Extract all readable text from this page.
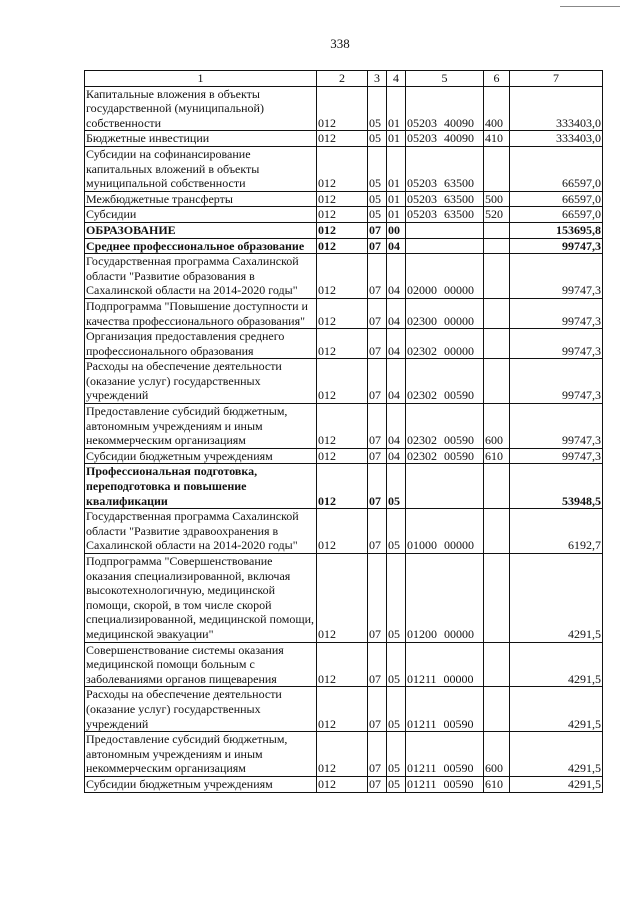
338
1	2	3	4	5	6	7
Капитальные вложения в объекты государственной (муниципальной) собственности	012	05	01	05203 40090	400	333403,0
Бюджетные инвестиции	012	05	01	05203 40090	410	333403,0
Субсидии на софинансирование капитальных вложений в объекты муниципальной собственности	012	05	01	05203 63500		66597,0
Межбюджетные трансферты	012	05	01	05203 63500	500	66597,0
Субсидии	012	05	01	05203 63500	520	66597,0
ОБРАЗОВАНИЕ	012	07	00			153695,8
Среднее профессиональное образование	012	07	04			99747,3
Государственная программа Сахалинской области "Развитие образования в Сахалинской области на 2014-2020 годы"	012	07	04	02000 00000		99747,3
Подпрограмма "Повышение доступности и качества профессионального образования"	012	07	04	02300 00000		99747,3
Организация предоставления среднего профессионального образования	012	07	04	02302 00000		99747,3
Расходы на обеспечение деятельности (оказание услуг) государственных учреждений	012	07	04	02302 00590		99747,3
Предоставление субсидий бюджетным, автономным учреждениям и иным некоммерческим организациям	012	07	04	02302 00590	600	99747,3
Субсидии бюджетным учреждениям	012	07	04	02302 00590	610	99747,3
Профессиональная подготовка, переподготовка и повышение квалификации	012	07	05			53948,5
Государственная программа Сахалинской области "Развитие здравоохранения в Сахалинской области на 2014-2020 годы"	012	07	05	01000 00000		6192,7
Подпрограмма "Совершенствование оказания специализированной, включая высокотехнологичную, медицинской помощи, скорой, в том числе скорой специализированной, медицинской помощи, медицинской эвакуации"	012	07	05	01200 00000		4291,5
Совершенствование системы оказания медицинской помощи больным с заболеваниями органов пищеварения	012	07	05	01211 00000		4291,5
Расходы на обеспечение деятельности (оказание услуг) государственных учреждений	012	07	05	01211 00590		4291,5
Предоставление субсидий бюджетным, автономным учреждениям и иным некоммерческим организациям	012	07	05	01211 00590	600	4291,5
Субсидии бюджетным учреждениям	012	07	05	01211 00590	610	4291,5
